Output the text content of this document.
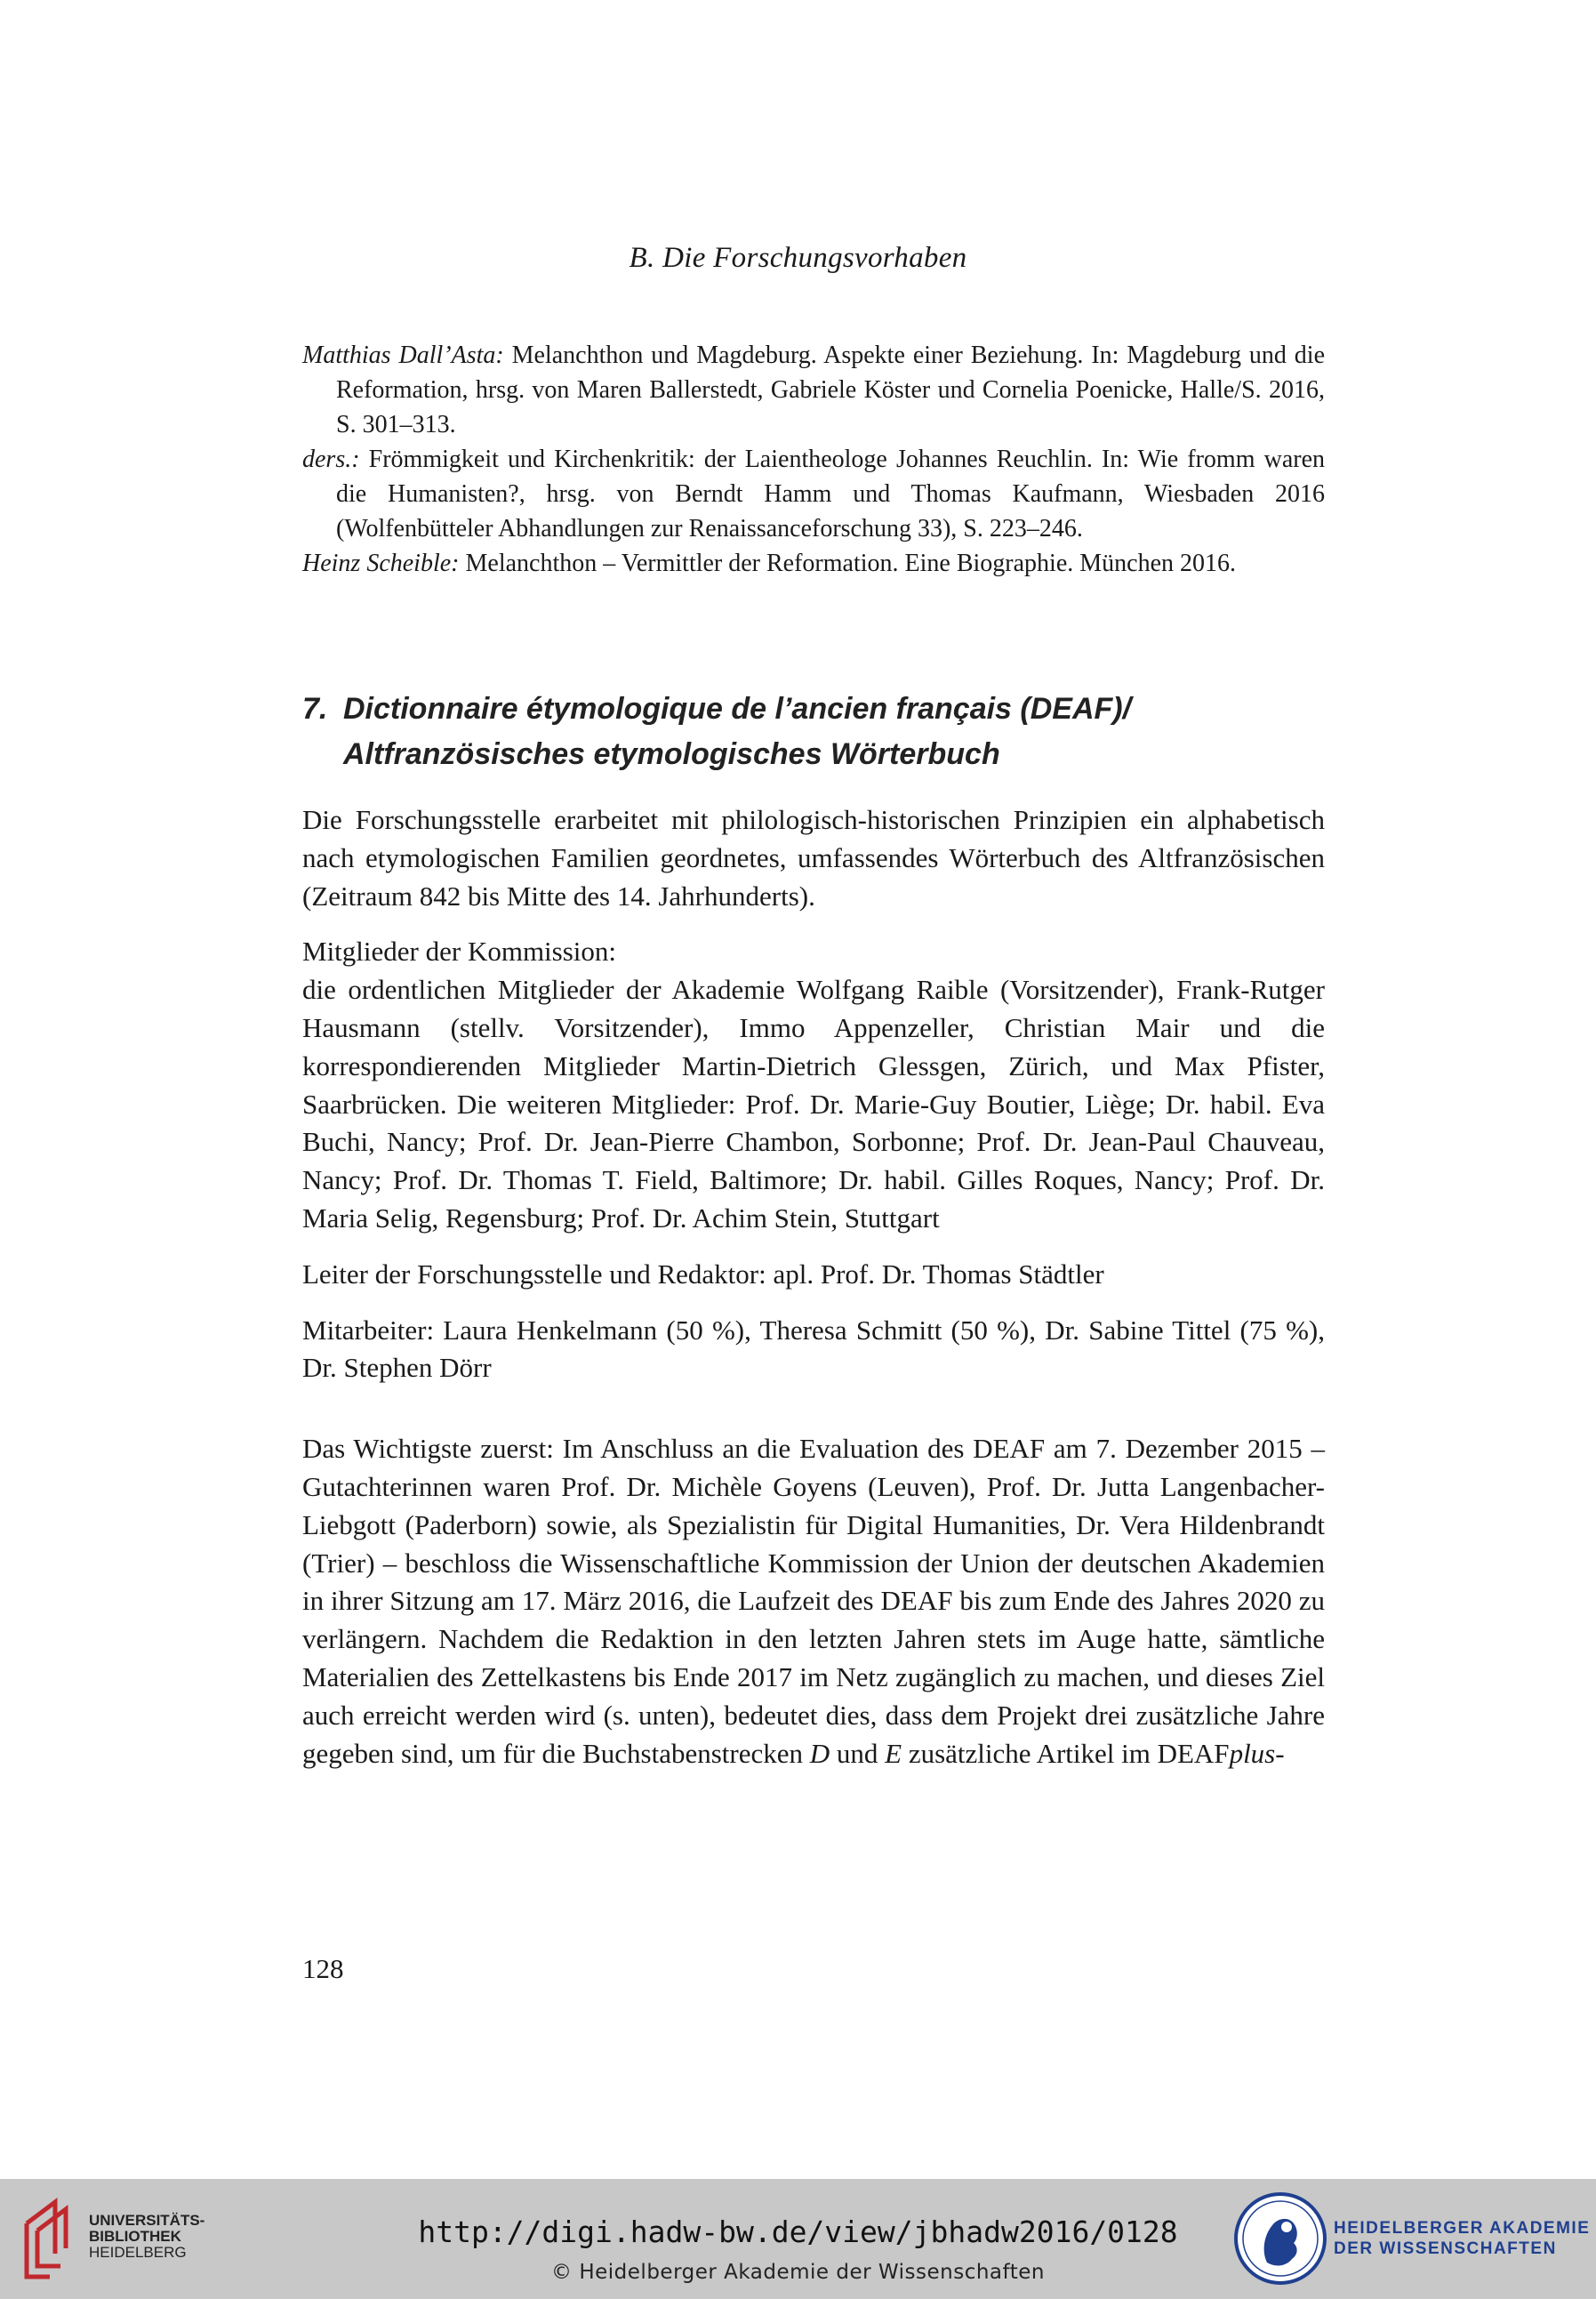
B. Die Forschungsvorhaben
Matthias Dall’Asta: Melanchthon und Magdeburg. Aspekte einer Beziehung. In: Magdeburg und die Reformation, hrsg. von Maren Ballerstedt, Gabriele Köster und Cornelia Poenicke, Halle/S. 2016, S. 301–313.
ders.: Frömmigkeit und Kirchenkritik: der Laientheologe Johannes Reuchlin. In: Wie fromm waren die Humanisten?, hrsg. von Berndt Hamm und Thomas Kaufmann, Wiesbaden 2016 (Wolfenbütteler Abhandlungen zur Renaissanceforschung 33), S. 223–246.
Heinz Scheible: Melanchthon – Vermittler der Reformation. Eine Biographie. München 2016.
7. Dictionnaire étymologique de l’ancien français (DEAF)/
Altfranzösisches etymologisches Wörterbuch

Die Forschungsstelle erarbeitet mit philologisch-historischen Prinzipien ein alphabetisch nach etymologischen Familien geordnetes, umfassendes Wörterbuch des Altfranzösischen (Zeitraum 842 bis Mitte des 14. Jahrhunderts).

Mitglieder der Kommission:
die ordentlichen Mitglieder der Akademie Wolfgang Raible (Vorsitzender), Frank-Rutger Hausmann (stellv. Vorsitzender), Immo Appenzeller, Christian Mair und die korrespondierenden Mitglieder Martin-Dietrich Glessgen, Zürich, und Max Pfister, Saarbrücken. Die weiteren Mitglieder: Prof. Dr. Marie-Guy Boutier, Liège; Dr. habil. Eva Buchi, Nancy; Prof. Dr. Jean-Pierre Chambon, Sorbonne; Prof. Dr. Jean-Paul Chauveau, Nancy; Prof. Dr. Thomas T. Field, Baltimore; Dr. habil. Gilles Roques, Nancy; Prof. Dr. Maria Selig, Regensburg; Prof. Dr. Achim Stein, Stuttgart

Leiter der Forschungsstelle und Redaktor: apl. Prof. Dr. Thomas Städtler

Mitarbeiter: Laura Henkelmann (50 %), Theresa Schmitt (50 %), Dr. Sabine Tittel (75 %), Dr. Stephen Dörr

Das Wichtigste zuerst: Im Anschluss an die Evaluation des DEAF am 7. Dezember 2015 – Gutachterinnen waren Prof. Dr. Michèle Goyens (Leuven), Prof. Dr. Jutta Langenbacher-Liebgott (Paderborn) sowie, als Spezialistin für Digital Humanities, Dr. Vera Hildenbrandt (Trier) – beschloss die Wissenschaftliche Kommission der Union der deutschen Akademien in ihrer Sitzung am 17. März 2016, die Laufzeit des DEAF bis zum Ende des Jahres 2020 zu verlängern. Nachdem die Redaktion in den letzten Jahren stets im Auge hatte, sämtliche Materialien des Zettelkastens bis Ende 2017 im Netz zugänglich zu machen, und dieses Ziel auch erreicht werden wird (s. unten), bedeutet dies, dass dem Projekt drei zusätzliche Jahre gegeben sind, um für die Buchstabenstrecken D und E zusätzliche Artikel im DEAFplus-

128
UNIVERSITÄTS-
BIBLIOTHEK
HEIDELBERG
http://digi.hadw-bw.de/view/jbhadw2016/0128
© Heidelberger Akademie der Wissenschaften
HEIDELBERGER AKADEMIE
DER WISSENSCHAFTEN
